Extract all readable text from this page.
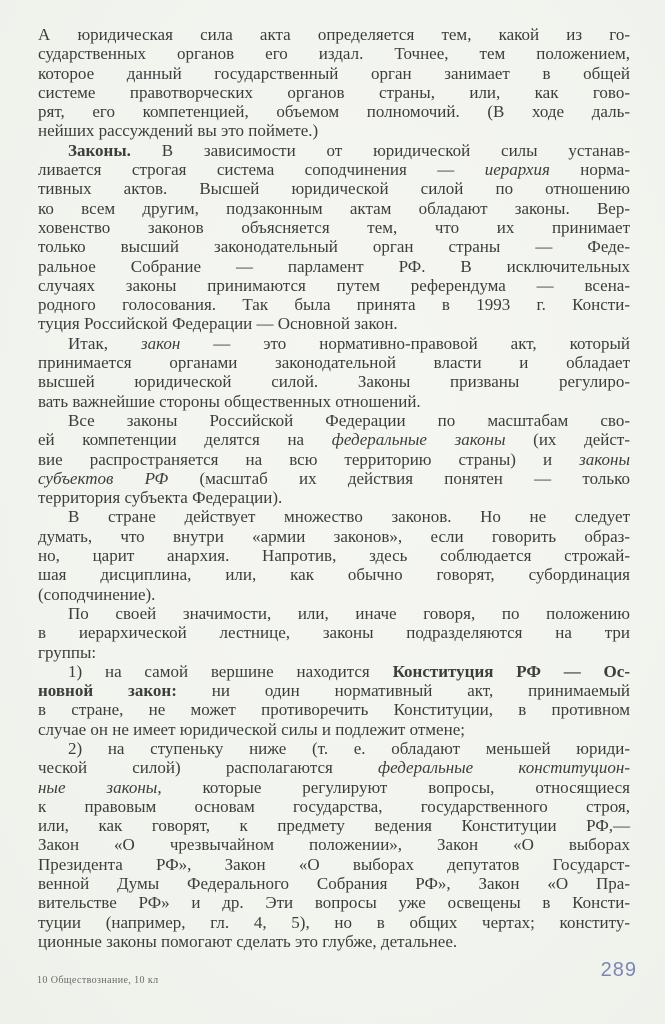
А юридическая сила акта определяется тем, какой из го-
сударственных органов его издал. Точнее, тем положением,
которое данный государственный орган занимает в общей
системе правотворческих органов страны, или, как гово-
рят, его компетенцией, объемом полномочий. (В ходе даль-
нейших рассуждений вы это поймете.)
Законы. В зависимости от юридической силы устанав-
ливается строгая система соподчинения — иерархия норма-
тивных актов. Высшей юридической силой по отношению
ко всем другим, подзаконным актам обладают законы. Вер-
ховенство законов объясняется тем, что их принимает
только высший законодательный орган страны — Феде-
ральное Собрание — парламент РФ. В исключительных
случаях законы принимаются путем референдума — всена-
родного голосования. Так была принята в 1993 г. Консти-
туция Российской Федерации — Основной закон.
Итак, закон — это нормативно-правовой акт, который
принимается органами законодательной власти и обладает
высшей юридической силой. Законы призваны регулиро-
вать важнейшие стороны общественных отношений.
Все законы Российской Федерации по масштабам сво-
ей компетенции делятся на федеральные законы (их дейст-
вие распространяется на всю территорию страны) и законы
субъектов РФ (масштаб их действия понятен — только
территория субъекта Федерации).
В стране действует множество законов. Но не следует
думать, что внутри «армии законов», если говорить образ-
но, царит анархия. Напротив, здесь соблюдается строжай-
шая дисциплина, или, как обычно говорят, субординация
(соподчинение).
По своей значимости, или, иначе говоря, по положению
в иерархической лестнице, законы подразделяются на три
группы:
1) на самой вершине находится Конституция РФ — Ос-
новной закон: ни один нормативный акт, принимаемый
в стране, не может противоречить Конституции, в противном
случае он не имеет юридической силы и подлежит отмене;
2) на ступеньку ниже (т. е. обладают меньшей юриди-
ческой силой) располагаются федеральные конституцион-
ные законы, которые регулируют вопросы, относящиеся
к правовым основам государства, государственного строя,
или, как говорят, к предмету ведения Конституции РФ,—
Закон «О чрезвычайном положении», Закон «О выборах
Президента РФ», Закон «О выборах депутатов Государст-
венной Думы Федерального Собрания РФ», Закон «О Пра-
вительстве РФ» и др. Эти вопросы уже освещены в Консти-
туции (например, гл. 4, 5), но в общих чертах; конститу-
ционные законы помогают сделать это глубже, детальнее.
10 Обществознание, 10 кл	289
